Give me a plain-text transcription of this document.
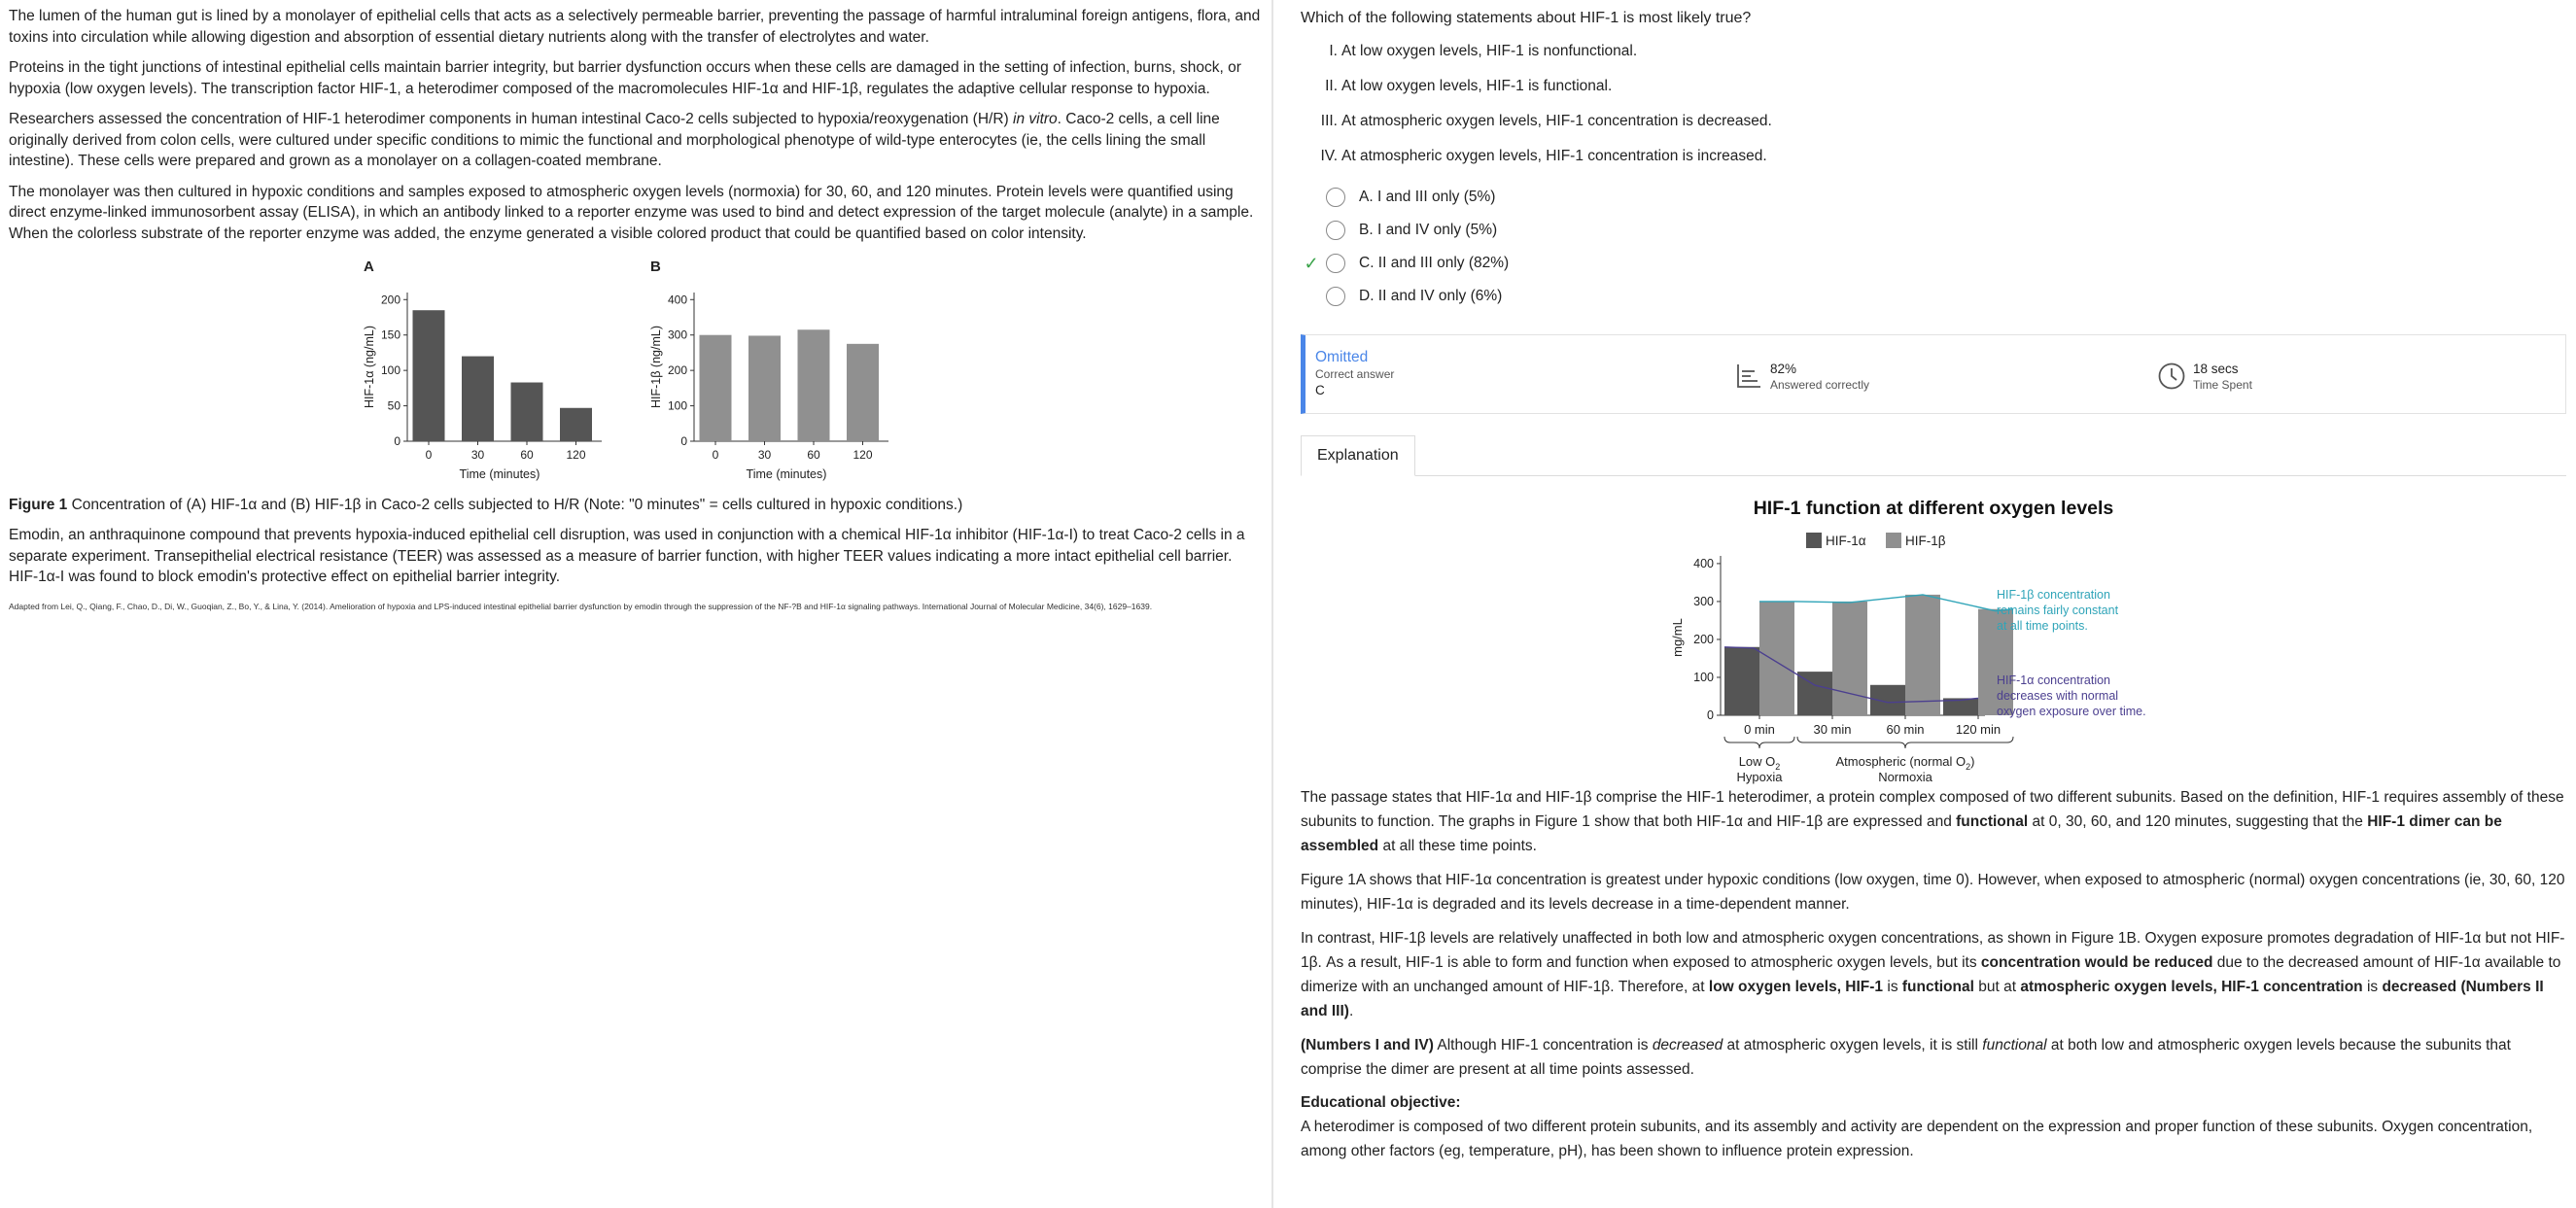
The lumen of the human gut is lined by a monolayer of epithelial cells that acts as a selectively permeable barrier, preventing the passage of harmful intraluminal foreign antigens, flora, and toxins into circulation while allowing digestion and absorption of essential dietary nutrients along with the transfer of electrolytes and water.

Proteins in the tight junctions of intestinal epithelial cells maintain barrier integrity, but barrier dysfunction occurs when these cells are damaged in the setting of infection, burns, shock, or hypoxia (low oxygen levels). The transcription factor HIF-1, a heterodimer composed of the macromolecules HIF-1α and HIF-1β, regulates the adaptive cellular response to hypoxia.

Researchers assessed the concentration of HIF-1 heterodimer components in human intestinal Caco-2 cells subjected to hypoxia/reoxygenation (H/R) in vitro. Caco-2 cells, a cell line originally derived from colon cells, were cultured under specific conditions to mimic the functional and morphological phenotype of wild-type enterocytes (ie, the cells lining the small intestine). These cells were prepared and grown as a monolayer on a collagen-coated membrane.

The monolayer was then cultured in hypoxic conditions and samples exposed to atmospheric oxygen levels (normoxia) for 30, 60, and 120 minutes. Protein levels were quantified using direct enzyme-linked immunosorbent assay (ELISA), in which an antibody linked to a reporter enzyme was used to bind and detect expression of the target molecule (analyte) in a sample. When the colorless substrate of the reporter enzyme was added, the enzyme generated a visible colored product that could be quantified based on color intensity.

A
0
50
100
150
200
0	30	60	120
Time (minutes)
HIF-1α (ng/mL)
B
0
100
200
300
400
0	30	60	120
Time (minutes)
HIF-1β (ng/mL)

Figure 1 Concentration of (A) HIF-1α and (B) HIF-1β in Caco-2 cells subjected to H/R (Note: "0 minutes" = cells cultured in hypoxic conditions.)

Emodin, an anthraquinone compound that prevents hypoxia-induced epithelial cell disruption, was used in conjunction with a chemical HIF-1α inhibitor (HIF-1α-I) to treat Caco-2 cells in a separate experiment. Transepithelial electrical resistance (TEER) was assessed as a measure of barrier function, with higher TEER values indicating a more intact epithelial cell barrier. HIF-1α-I was found to block emodin's protective effect on epithelial barrier integrity.

Adapted from Lei, Q., Qiang, F., Chao, D., Di, W., Guoqian, Z., Bo, Y., & Lina, Y. (2014). Amelioration of hypoxia and LPS-induced intestinal epithelial barrier dysfunction by emodin through the suppression of the NF-?B and HIF-1α signaling pathways. International Journal of Molecular Medicine, 34(6), 1629–1639.

Which of the following statements about HIF-1 is most likely true?

I. At low oxygen levels, HIF-1 is nonfunctional.
II. At low oxygen levels, HIF-1 is functional.
III. At atmospheric oxygen levels, HIF-1 concentration is decreased.
IV. At atmospheric oxygen levels, HIF-1 concentration is increased.
A. I and III only (5%)
B. I and IV only (5%)
✓	C. II and III only (82%)
D. II and IV only (6%)
Omitted
Correct answer
C
82%
Answered correctly
18 secs
Time Spent
Explanation
HIF-1 function at different oxygen levels
HIF-1α	HIF-1β
0
100
200
300
400
mg/mL
0 min	30 min	60 min 120 min
HIF-1β concentration
remains fairly constant
at all time points.
HIF-1α concentration
decreases with normal
oxygen exposure over time.
Low $O_2$
Hypoxia
Atmospheric (normal $O_2$)
Normoxia

The passage states that HIF-1α and HIF-1β comprise the HIF-1 heterodimer, a protein complex composed of two different subunits. Based on the definition, HIF-1 requires assembly of these subunits to function. The graphs in Figure 1 show that both HIF-1α and HIF-1β are expressed and functional at 0, 30, 60, and 120 minutes, suggesting that the HIF-1 dimer can be assembled at all these time points.

Figure 1A shows that HIF-1α concentration is greatest under hypoxic conditions (low oxygen, time 0). However, when exposed to atmospheric (normal) oxygen concentrations (ie, 30, 60, 120 minutes), HIF-1α is degraded and its levels decrease in a time-dependent manner.

In contrast, HIF-1β levels are relatively unaffected in both low and atmospheric oxygen concentrations, as shown in Figure 1B. Oxygen exposure promotes degradation of HIF-1α but not HIF-1β. As a result, HIF-1 is able to form and function when exposed to atmospheric oxygen levels, but its concentration would be reduced due to the decreased amount of HIF-1α available to dimerize with an unchanged amount of HIF-1β. Therefore, at low oxygen levels, HIF-1 is functional but at atmospheric oxygen levels, HIF-1 concentration is decreased (Numbers II and III).

(Numbers I and IV) Although HIF-1 concentration is decreased at atmospheric oxygen levels, it is still functional at both low and atmospheric oxygen levels because the subunits that comprise the dimer are present at all time points assessed.

Educational objective:

A heterodimer is composed of two different protein subunits, and its assembly and activity are dependent on the expression and proper function of these subunits. Oxygen concentration, among other factors (eg, temperature, pH), has been shown to influence protein expression.
